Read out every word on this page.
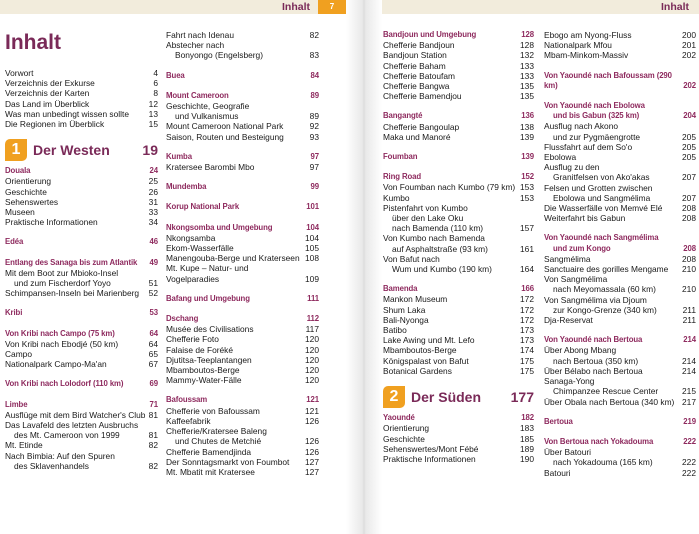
Inhalt	7	Inhalt
Inhalt
Vorwort	4
Verzeichnis der Exkurse	6
Verzeichnis der Karten	8
Das Land im Überblick	12
Was man unbedingt wissen sollte	13
Die Regionen im Überblick	15
1 Der Westen 19
Douala	24
Orientierung	25
Geschichte	26
Sehenswertes	31
Museen	33
Praktische Informationen	34
Edéa	46
Entlang des Sanaga bis zum Atlantik	49
Mit dem Boot zur Mbioko-Insel
und zum Fischerdorf Yoyo	51
Schimpansen-Inseln bei Marienberg	52
Kribi	53
Von Kribi nach Campo (75 km)	64
Von Kribi nach Ebodjé (50 km)	64
Campo	65
Nationalpark Campo-Ma'an	67
Von Kribi nach Lolodorf (110 km)	69
Limbe	71
Ausflüge mit dem Bird Watcher's Club 81
Das Lavafeld des letzten Ausbruchs
des Mt. Cameroon von 1999	81
Mt. Etinde	82
Nach Bimbia: Auf den Spuren
des Sklavenhandels	82
Fahrt nach Idenau	82
Abstecher nach
Bonyongo (Engelsberg)	83
Buea	84
Mount Cameroon	89
Geschichte, Geografie
und Vulkanismus	89
Mount Cameroon National Park	92
Saison, Routen und Besteigung	93
Kumba	97
Kratersee Barombi Mbo	97
Mundemba	99
Korup National Park	101
Nkongsomba und Umgebung	104
Nkongsamba	104
Ekom-Wasserfälle	105
Manengouba-Berge und Kraterseen 108
Mt. Kupe – Natur- und Vogelparadies	109
Bafang und Umgebung	111
Dschang	112
Musée des Civilisations	117
Chefferie Foto	120
Falaise de Foréké	120
Djutitsa-Teeplantangen	120
Mbamboutos-Berge	120
Mammy-Water-Fälle	120
Bafoussam	121
Chefferie von Bafoussam	121
Kaffeefabrik	126
Chefferie/Kratersee Baleng
und Chutes de Metchié	126
Chefferie Bamendjinda	126
Der Sonntagsmarkt von Foumbot	127
Mt. Mbatit mit Kratersee	127
Bandjoun und Umgebung	128
Chefferie Bandjoun	128
Bandjoun Station	132
Chefferie Baham	133
Chefferie Batoufam	133
Chefferie Bangwa	135
Chefferie Bamendjou	135
Bangangté	136
Chefferie Bangoulap	138
Maka und Manoré	139
Foumban	139
Ring Road	152
Von Foumban nach Kumbo (79 km) 153
Kumbo	153
Pistenfahrt von Kumbo
über den Lake Oku
nach Bamenda (110 km)	157
Von Kumbo nach Bamenda
auf Asphaltstraße (93 km)	161
Von Bafut nach
Wum und Kumbo (190 km)	164
Bamenda	166
Mankon Museum	172
Shum Laka	172
Bali-Nyonga	172
Batibo	173
Lake Awing und Mt. Lefo	173
Mbamboutos-Berge	174
Königspalast von Bafut	175
Botanical Gardens	175
2 Der Süden 177
Yaoundé	182
Orientierung	183
Geschichte	185
Sehenswertes/Mont Fébé	189
Praktische Informationen	190
Ebogo am Nyong-Fluss	200
Nationalpark Mfou	201
Mbam-Minkom-Massiv	202
Von Yaoundé nach Bafoussam (290 km)	202
Von Yaoundé nach Ebolowa
und bis Gabun (325 km)	204
Ausflug nach Akono
und zur Pygmäengrotte	205
Flussfahrt auf dem So'o	205
Ebolowa	205
Ausflug zu den
Granitfelsen von Ako'akas	207
Felsen und Grotten zwischen
Ebolowa und Sangmélima	207
Die Wasserfälle von Memvé Elé	208
Weiterfahrt bis Gabun	208
Von Yaoundé nach Sangmélima
und zum Kongo	208
Sangmélima	208
Sanctuaire des gorilles Mengame	210
Von Sangmélima
nach Meyomassala (60 km)	210
Von Sangmélima via Djoum
zur Kongo-Grenze (340 km)	211
Dja-Reservat	211
Von Yaoundé nach Bertoua	214
Über Abong Mbang
nach Bertoua (350 km)	214
Über Bélabo nach Bertoua	214
Sanaga-Yong
Chimpanzee Rescue Center	215
Über Obala nach Bertoua (340 km) 217
Bertoua	219
Von Bertoua nach Yokadouma	222
Über Batouri
nach Yokadouma (165 km)	222
Batouri	222
